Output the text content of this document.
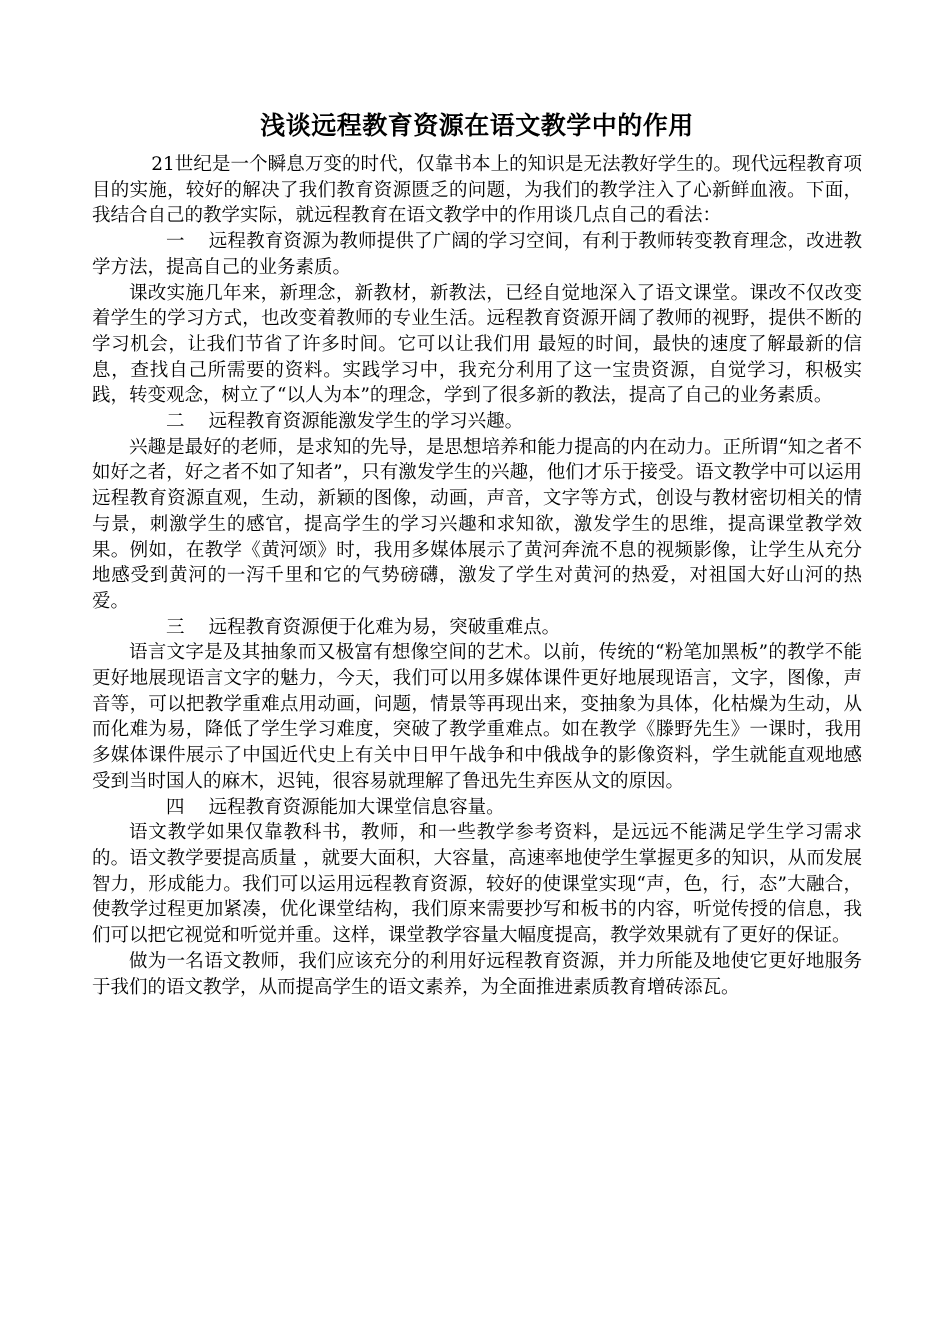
浅谈远程教育资源在语文教学中的作用

21世纪是一个瞬息万变的时代，仅靠书本上的知识是无法教好学生的。现代远程教育项目的实施，较好的解决了我们教育资源匮乏的问题，为我们的教学注入了心新鲜血液。下面，我结合自己的教学实际，就远程教育在语文教学中的作用谈几点自己的看法：

一 远程教育资源为教师提供了广阔的学习空间，有利于教师转变教育理念，改进教学方法，提高自己的业务素质。

课改实施几年来，新理念，新教材，新教法，已经自觉地深入了语文课堂。课改不仅改变着学生的学习方式，也改变着教师的专业生活。远程教育资源开阔了教师的视野，提供不断的学习机会，让我们节省了许多时间。它可以让我们用 最短的时间，最快的速度了解最新的信息，查找自己所需要的资料。实践学习中，我充分利用了这一宝贵资源，自觉学习，积极实践，转变观念，树立了“以人为本”的理念，学到了很多新的教法，提高了自己的业务素质。

二 远程教育资源能激发学生的学习兴趣。

兴趣是最好的老师，是求知的先导，是思想培养和能力提高的内在动力。正所谓“知之者不如好之者，好之者不如了知者”，只有激发学生的兴趣，他们才乐于接受。语文教学中可以运用远程教育资源直观，生动，新颖的图像，动画，声音，文字等方式，创设与教材密切相关的情与景，刺激学生的感官，提高学生的学习兴趣和求知欲，激发学生的思维，提高课堂教学效果。例如，在教学《黄河颂》时，我用多媒体展示了黄河奔流不息的视频影像，让学生从充分地感受到黄河的一泻千里和它的气势磅礴，激发了学生对黄河的热爱，对祖国大好山河的热爱。

三 远程教育资源便于化难为易，突破重难点。

语言文字是及其抽象而又极富有想像空间的艺术。以前，传统的“粉笔加黑板”的教学不能更好地展现语言文字的魅力，今天，我们可以用多媒体课件更好地展现语言，文字，图像，声音等，可以把教学重难点用动画，问题，情景等再现出来，变抽象为具体，化枯燥为生动，从而化难为易，降低了学生学习难度，突破了教学重难点。如在教学《滕野先生》一课时，我用多媒体课件展示了中国近代史上有关中日甲午战争和中俄战争的影像资料，学生就能直观地感受到当时国人的麻木，迟钝，很容易就理解了鲁迅先生弃医从文的原因。

四 远程教育资源能加大课堂信息容量。

语文教学如果仅靠教科书，教师，和一些教学参考资料，是远远不能满足学生学习需求的。语文教学要提高质量 ，就要大面积，大容量，高速率地使学生掌握更多的知识，从而发展智力，形成能力。我们可以运用远程教育资源，较好的使课堂实现“声，色，行，态”大融合，使教学过程更加紧凑，优化课堂结构，我们原来需要抄写和板书的内容，听觉传授的信息，我们可以把它视觉和听觉并重。这样，课堂教学容量大幅度提高，教学效果就有了更好的保证。

做为一名语文教师，我们应该充分的利用好远程教育资源，并力所能及地使它更好地服务于我们的语文教学，从而提高学生的语文素养，为全面推进素质教育增砖添瓦。
